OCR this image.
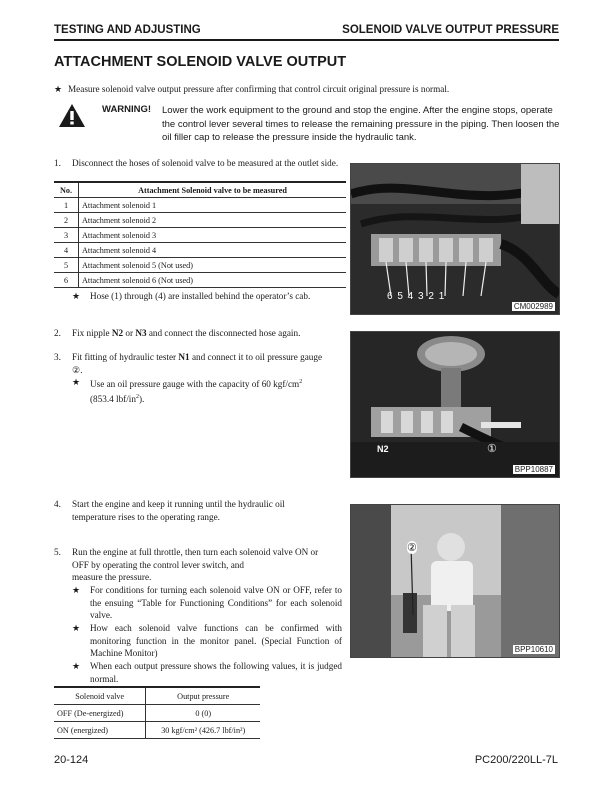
TESTING AND ADJUSTING	SOLENOID VALVE OUTPUT PRESSURE
ATTACHMENT SOLENOID VALVE OUTPUT
★ Measure solenoid valve output pressure after confirming that control circuit original pressure is normal.
WARNING! Lower the work equipment to the ground and stop the engine. After the engine stops, operate the control lever several times to release the remaining pressure in the piping. Then loosen the oil filler cap to release the pressure inside the hydraulic tank.
1. Disconnect the hoses of solenoid valve to be measured at the outlet side.
No.	Attachment Solenoid valve to be measured
1	Attachment solenoid 1
2	Attachment solenoid 2
3	Attachment solenoid 3
4	Attachment solenoid 4
5	Attachment solenoid 5 (Not used)
6	Attachment solenoid 6 (Not used)
★ Hose (1) through (4) are installed behind the operator’s cab.
2. Fix nipple N2 or N3 and connect the disconnected hose again.
3. Fit fitting of hydraulic tester N1 and connect it to oil pressure gauge
②.
★ Use an oil pressure gauge with the capacity of 60 kgf/$cm^2$
(853.4 lbf/$in^2$).
4. Start the engine and keep it running until the hydraulic oil
temperature rises to the operating range.
5. Run the engine at full throttle, then turn each solenoid valve ON or
OFF by operating the control lever switch, and
measure the pressure.
★ For conditions for turning each solenoid valve ON or OFF, refer to the ensuing “Table for Functioning Conditions” for each solenoid valve.
★ How each solenoid valve functions can be confirmed with monitoring function in the monitor panel. (Special Function of Machine Monitor)
★ When each output pressure shows the following values, it is judged normal.
Solenoid valve	Output pressure
OFF (De-energized)	0 (0)
ON (energized)	30 kgf/cm² (426.7 lbf/in²)
6 5 4 3 2 1
CM002989
N2	①
BPP10887
②
BPP10610
20-124	PC200/220LL-7L
